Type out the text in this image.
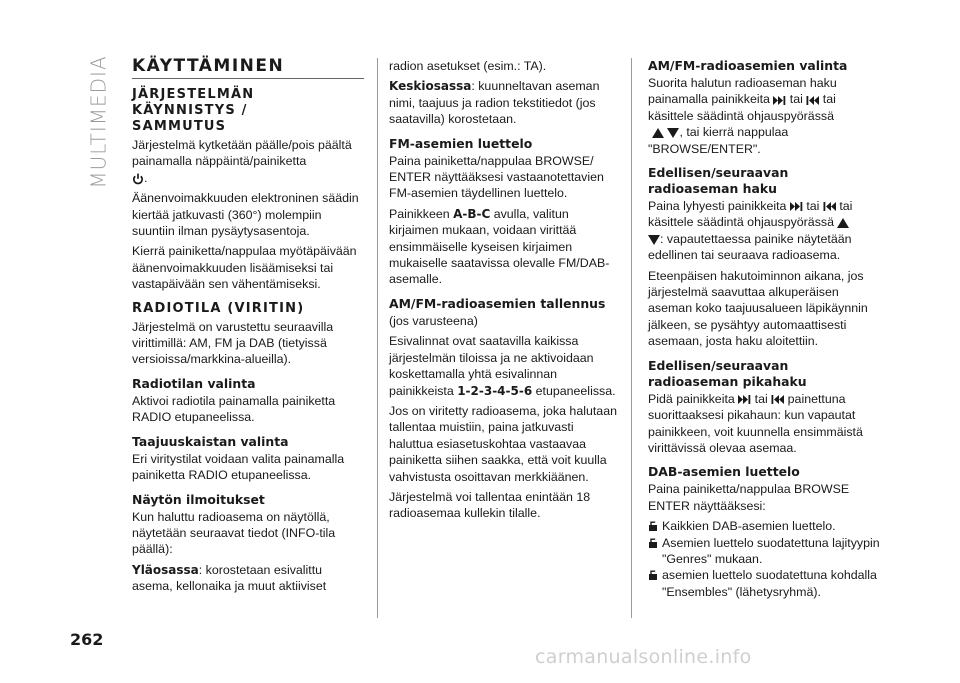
MULTIMEDIA KÄYTTÄMINEN
JÄRJESTELMÄN
KÄYNNISTYS /
SAMMUTUS

Järjestelmä kytketään päälle/pois päältä painamalla näppäintä/painiketta

.

Äänenvoimakkuuden elektroninen säädin kiertää jatkuvasti (360°) molempiin suuntiin ilman pysäytysasentoja.

Kierrä painiketta/nappulaa myötäpäivään äänenvoimakkuuden lisäämiseksi tai vastapäivään sen vähentämiseksi.

RADIOTILA (VIRITIN)

Järjestelmä on varustettu seuraavilla virittimillä: AM, FM ja DAB (tietyissä versioissa/markkina-alueilla).

Radiotilan valinta

Aktivoi radiotila painamalla painiketta RADIO etupaneelissa.

Taajuuskaistan valinta

Eri viritystilat voidaan valita painamalla painiketta RADIO etupaneelissa.

Näytön ilmoitukset

Kun haluttu radioasema on näytöllä, näytetään seuraavat tiedot (INFO-tila päällä):

Yläosassa: korostetaan esivalittu asema, kellonaika ja muut aktiiviset

radion asetukset (esim.: TA).

Keskiosassa: kuunneltavan aseman nimi, taajuus ja radion tekstitiedot (jos saatavilla) korostetaan.

FM-asemien luettelo

Paina painiketta/nappulaa BROWSE/ ENTER näyttääksesi vastaanotettavien FM-asemien täydellinen luettelo.

Painikkeen A-B-C avulla, valitun kirjaimen mukaan, voidaan virittää ensimmäiselle kyseisen kirjaimen mukaiselle saatavissa olevalle FM/DAB-asemalle.

AM/FM-radioasemien tallennus

(jos varusteena)

Esivalinnat ovat saatavilla kaikissa järjestelmän tiloissa ja ne aktivoidaan koskettamalla yhtä esivalinnan painikkeista 1-2-3-4-5-6 etupaneelissa.

Jos on viritetty radioasema, joka halutaan tallentaa muistiin, paina jatkuvasti haluttua esiasetuskohtaa vastaavaa painiketta siihen saakka, että voit kuulla vahvistusta osoittavan merkkiäänen.

Järjestelmä voi tallentaa enintään 18 radioasemaa kullekin tilalle.

AM/FM-radioasemien valinta

Suorita halutun radioaseman haku painamalla painikkeita
tai
tai käsittele säädintä ohjauspyörässä

, tai kierrä nappulaa "BROWSE/ENTER".

Edellisen/seuraavan radioaseman haku

Paina lyhyesti painikkeita
tai
tai käsittele säädintä ohjauspyörässä

: vapautettaessa painike näytetään edellinen tai seuraava radioasema.

Eteenpäisen hakutoiminnon aikana, jos järjestelmä saavuttaa alkuperäisen aseman koko taajuusalueen läpikäynnin jälkeen, se pysähtyy automaattisesti asemaan, josta haku aloitettiin.

Edellisen/seuraavan radioaseman pikahaku

Pidä painikkeita
tai
painettuna suorittaaksesi pikahaun: kun vapautat painikkeen, voit kuunnella ensimmäistä virittävissä olevaa asemaa.

DAB-asemien luettelo

Paina painiketta/nappulaa BROWSE ENTER näyttääksesi:

Kaikkien DAB-asemien luettelo.
Asemien luettelo suodatettuna lajityypin "Genres" mukaan.
asemien luettelo suodatettuna kohdalla "Ensembles" (lähetysryhmä).
262
carmanualsonline.info
